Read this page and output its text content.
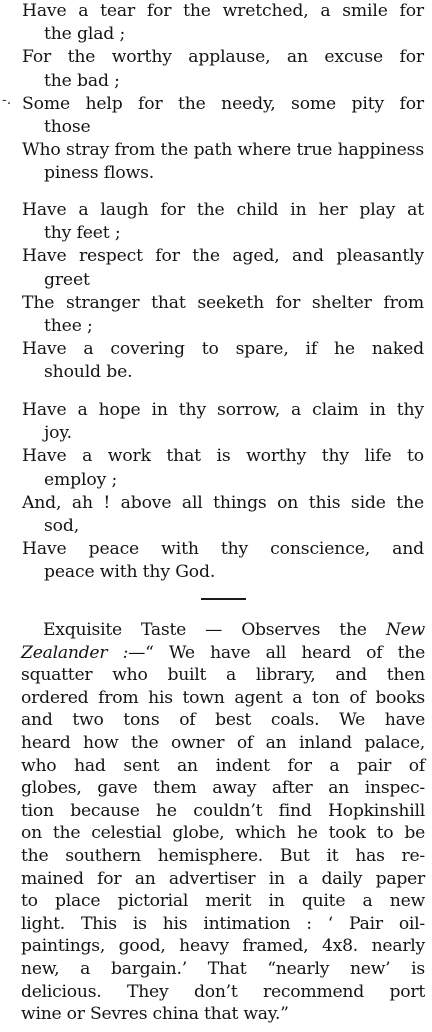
-.
Have a tear for the wretched, a smile for
the glad ;
For the worthy applause, an excuse for
the bad ;
Some help for the needy, some pity for
those
Who stray from the path where true happiness
piness flows.
Have a laugh for the child in her play at
thy feet ;
Have respect for the aged, and pleasantly
greet
The stranger that seeketh for shelter from
thee ;
Have a covering to spare, if he naked
should be.
Have a hope in thy sorrow, a claim in thy
joy.
Have a work that is worthy thy life to
employ ;
And, ah ! above all things on this side the
sod,
Have peace with thy conscience, and
peace with thy God.
Exquisite Taste — Observes the New
Zealander :—“ We have all heard of the
squatter who built a library, and then
ordered from his town agent a ton of books
and two tons of best coals. We have
heard how the owner of an inland palace,
who had sent an indent for a pair of
globes, gave them away after an inspec-
tion because he couldn’t find Hopkinshill
on the celestial globe, which he took to be
the southern hemisphere. But it has re-
mained for an advertiser in a daily paper
to place pictorial merit in quite a new
light. This is his intimation : ‘ Pair oil-
paintings, good, heavy framed, 4x8. nearly
new, a bargain.’ That “nearly new’ is
delicious. They don’t recommend port
wine or Sevres china that way.”
